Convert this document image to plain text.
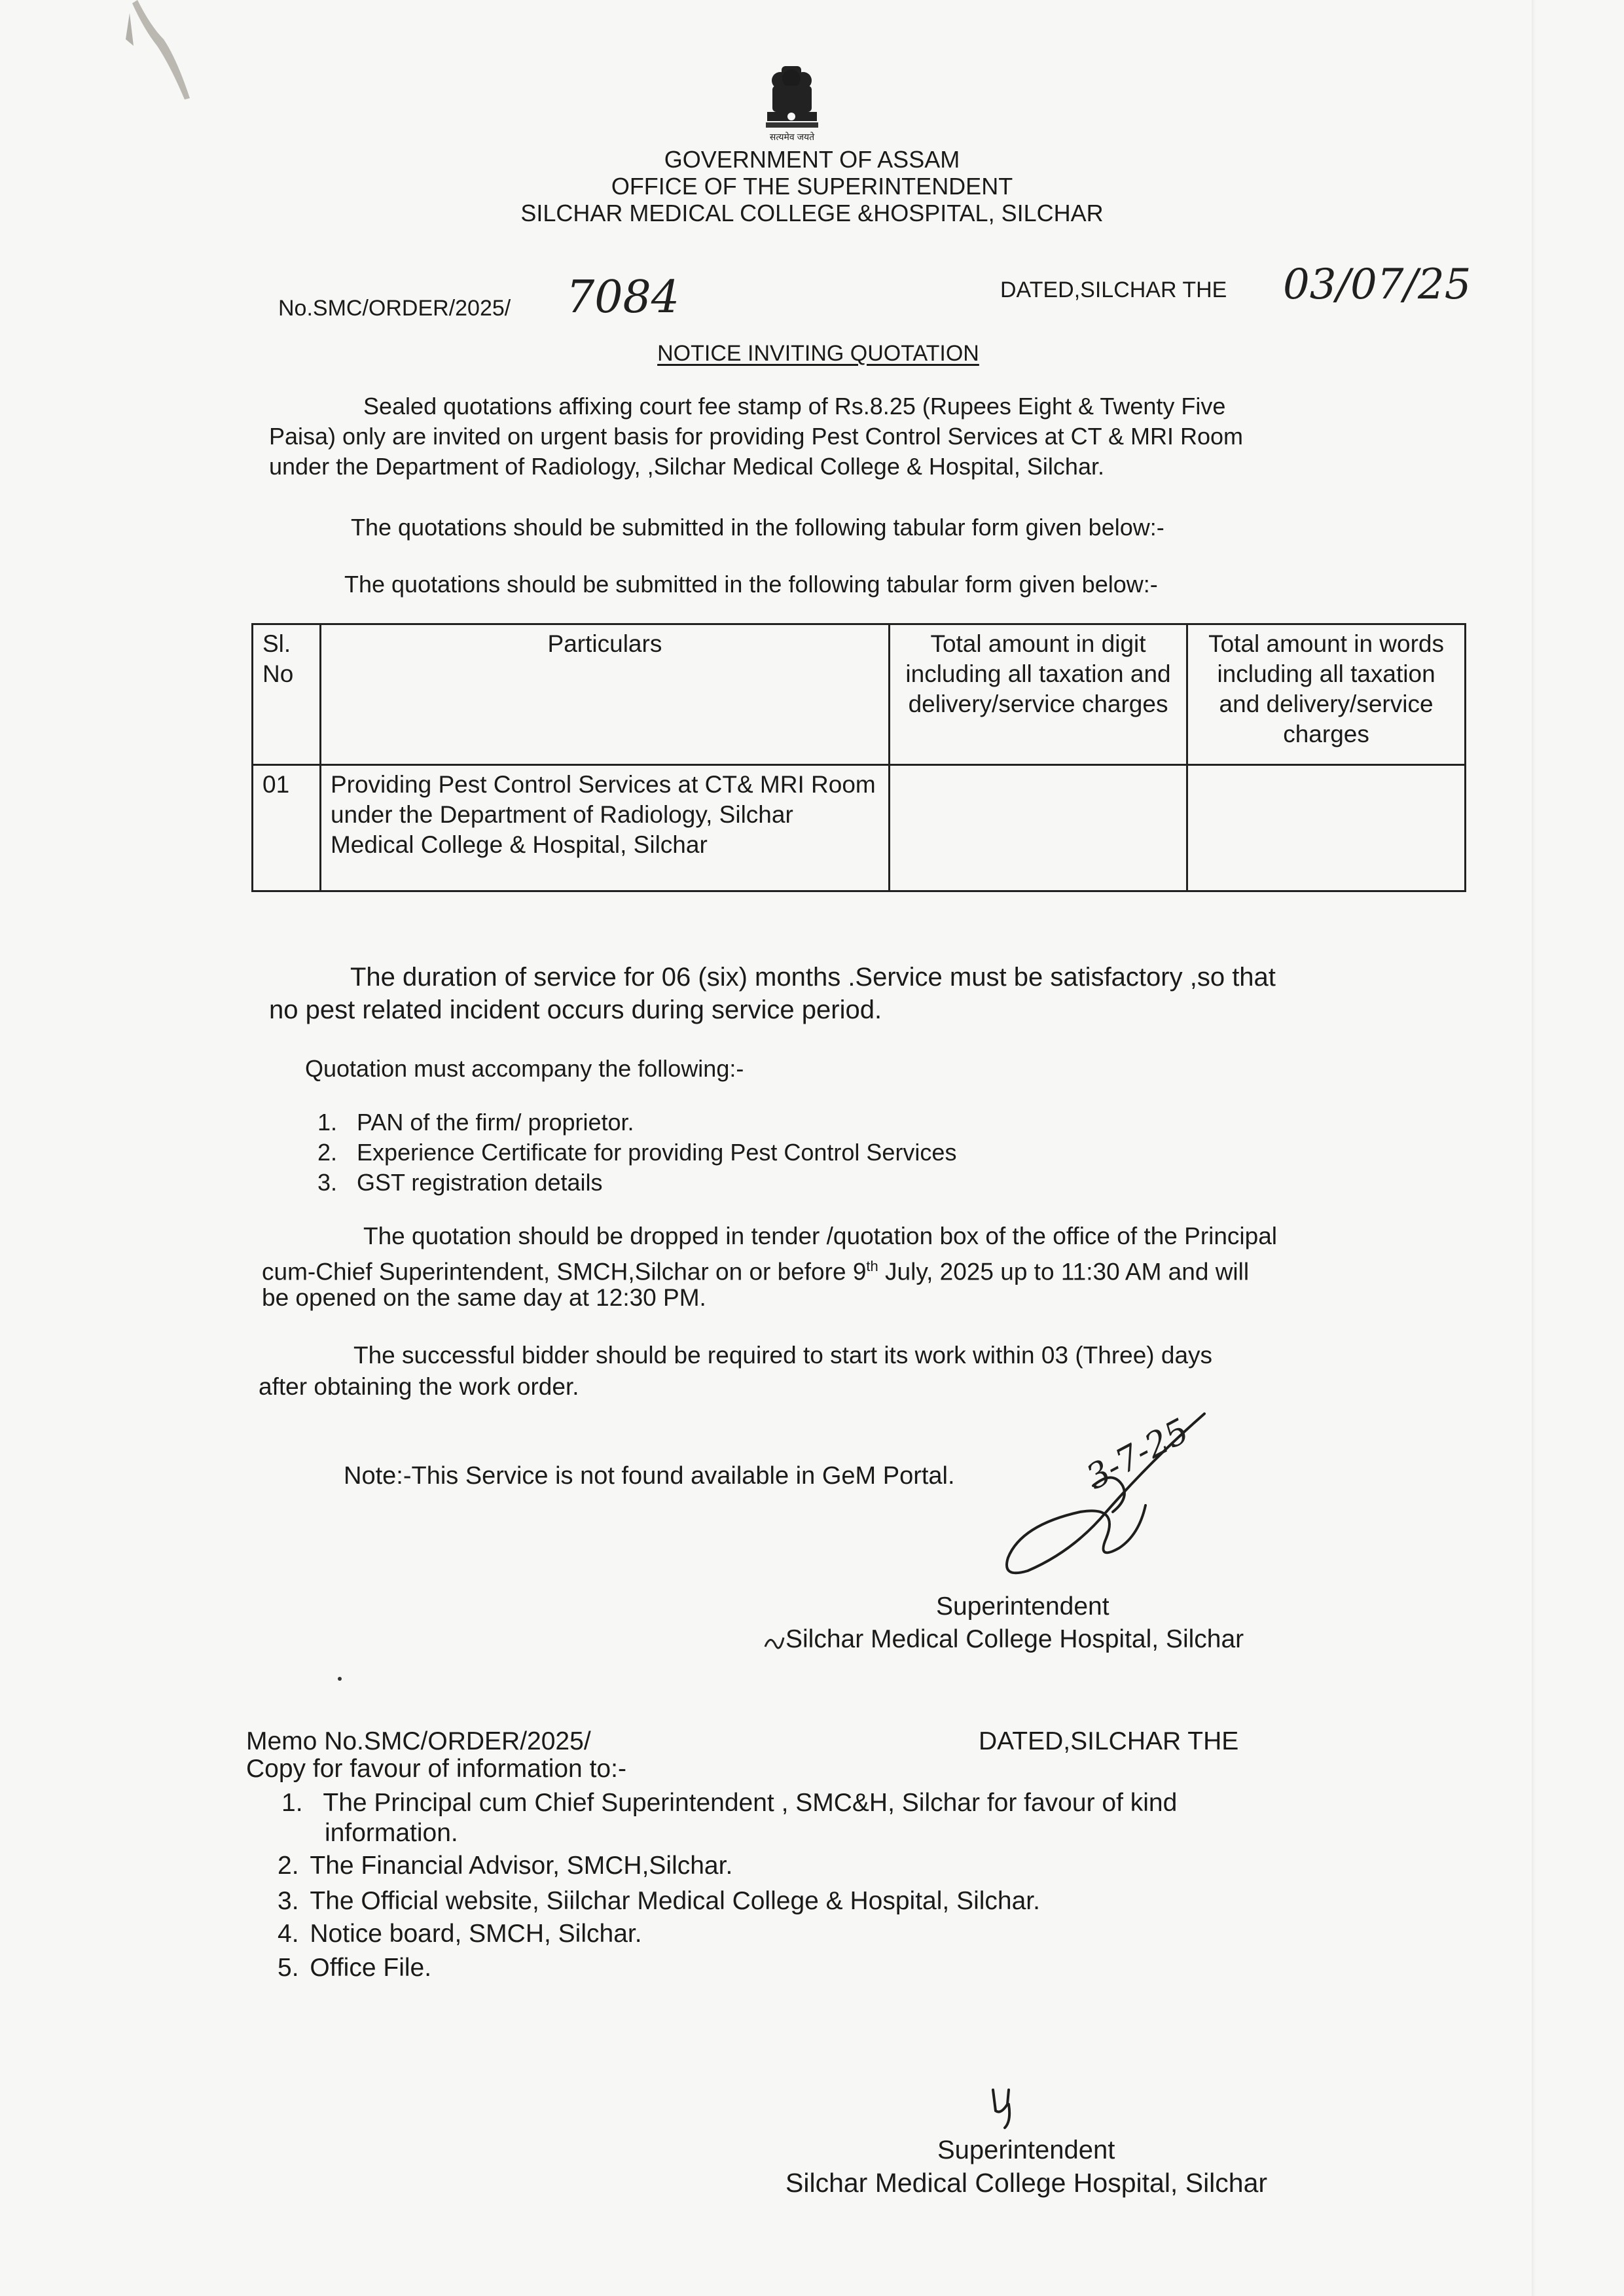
सत्यमेव जयते
GOVERNMENT OF ASSAM
OFFICE OF THE SUPERINTENDENT
SILCHAR MEDICAL COLLEGE &HOSPITAL, SILCHAR
No.SMC/ORDER/2025/ 7084	DATED,SILCHAR THE 03/07/25
NOTICE INVITING QUOTATION
Sealed quotations affixing court fee stamp of Rs.8.25 (Rupees Eight & Twenty Five
Paisa) only are invited on urgent basis for providing Pest Control Services at CT & MRI Room
under the Department of Radiology, ,Silchar Medical College & Hospital, Silchar.
The quotations should be submitted in the following tabular form given below:-
The quotations should be submitted in the following tabular form given below:-
Sl. No	Particulars	Total amount in digit including all taxation and delivery/service charges	Total amount in words including all taxation and delivery/service charges
01	Providing Pest Control Services at CT& MRI Room under the Department of Radiology, Silchar Medical College & Hospital, Silchar		
The duration of service for 06 (six) months .Service must be satisfactory ,so that
no pest related incident occurs during service period.
Quotation must accompany the following:-
1. PAN of the firm/ proprietor.
2. Experience Certificate for providing Pest Control Services
3. GST registration details
The quotation should be dropped in tender /quotation box of the office of the Principal
cum-Chief Superintendent, SMCH,Silchar on or before 9th July, 2025 up to 11:30 AM and will
be opened on the same day at 12:30 PM.
The successful bidder should be required to start its work within 03 (Three) days
after obtaining the work order.
Note:-This Service is not found available in GeM Portal.	3-7-25
Superintendent
Silchar Medical College Hospital, Silchar
Memo No.SMC/ORDER/2025/	DATED,SILCHAR THE
Copy for favour of information to:-
1. The Principal cum Chief Superintendent , SMC&H, Silchar for favour of kind
information.
2. The Financial Advisor, SMCH,Silchar.
3. The Official website, Siilchar Medical College & Hospital, Silchar.
4. Notice board, SMCH, Silchar.
5. Office File.
Superintendent
Silchar Medical College Hospital, Silchar
